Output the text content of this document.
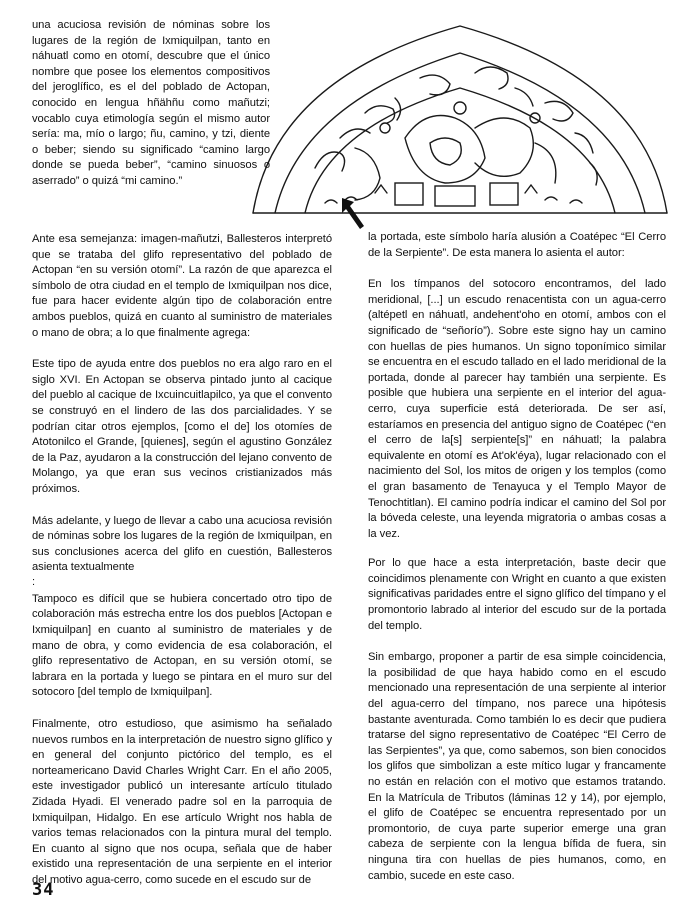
una acuciosa revisión de nóminas sobre los lugares de la región de Ixmiquilpan, tanto en náhuatl como en otomí, descubre que el único nombre que posee los elementos compositivos del jeroglífico, es el del poblado de Actopan, conocido en lengua hñähñu como mañutzi; vocablo cuya etimología según el mismo autor sería: ma, mío o largo; ñu, camino, y tzi, diente o beber; siendo su significado “camino largo donde se pueda beber”, “camino sinuosos o aserrado” o quizá “mi camino.”

Ante esa semejanza: imagen-mañutzi, Ballesteros interpretó que se trataba del glifo representativo del poblado de Actopan “en su versión otomí”. La razón de que aparezca el símbolo de otra ciudad en el templo de Ixmiquilpan nos dice, fue para hacer evidente algún tipo de colaboración entre ambos pueblos, quizá en cuanto al suministro de materiales o mano de obra; a lo que finalmente agrega:

Este tipo de ayuda entre dos pueblos no era algo raro en el siglo XVI. En Actopan se observa pintado junto al cacique del pueblo al cacique de Ixcuincuitlapilco, ya que el convento se construyó en el lindero de las dos parcialidades. Y se podrían citar otros ejemplos, [como el de] los otomíes de Atotonilco el Grande, [quienes], según el agustino González de la Paz, ayudaron a la construcción del lejano convento de Molango, ya que eran sus vecinos cristianizados más próximos.

Más adelante, y luego de llevar a cabo una acuciosa revisión de nóminas sobre los lugares de la región de Ixmiquilpan, en sus conclusiones acerca del glifo en cuestión, Ballesteros asienta textualmente

:

Tampoco es difícil que se hubiera concertado otro tipo de colaboración más estrecha entre los dos pueblos [Actopan e Ixmiquilpan] en cuanto al suministro de materiales y de mano de obra, y como evidencia de esa colaboración, el glifo representativo de Actopan, en su versión otomí, se labrara en la portada y luego se pintara en el muro sur del sotocoro [del templo de Ixmiquilpan].

Finalmente, otro estudioso, que asimismo ha señalado nuevos rumbos en la interpretación de nuestro signo glífico y en general del conjunto pictórico del templo, es el norteamericano David Charles Wright Carr. En el año 2005, este investigador publicó un interesante artículo titulado Zidada Hyadi. El venerado padre sol en la parroquia de Ixmiquilpan, Hidalgo. En ese artículo Wright nos habla de varios temas relacionados con la pintura mural del templo. En cuanto al signo que nos ocupa, señala que de haber existido una representación de una serpiente en el interior del motivo agua-cerro, como sucede en el escudo sur de

la portada, este símbolo haría alusión a Coatépec “El Cerro de la Serpiente”. De esta manera lo asienta el autor:

En los tímpanos del sotocoro encontramos, del lado meridional, [...] un escudo renacentista con un agua-cerro (altépetl en náhuatl, andehent'oho en otomí, ambos con el significado de “señorío”). Sobre este signo hay un camino con huellas de pies humanos. Un signo toponímico similar se encuentra en el escudo tallado en el lado meridional de la portada, donde al parecer hay también una serpiente. Es posible que hubiera una serpiente en el interior del agua-cerro, cuya superficie está deteriorada. De ser así, estaríamos en presencia del antiguo signo de Coatépec (“en el cerro de la[s] serpiente[s]” en náhuatl; la palabra equivalente en otomí es At'ok'éya), lugar relacionado con el nacimiento del Sol, los mitos de origen y los templos (como el gran basamento de Tenayuca y el Templo Mayor de Tenochtitlan). El camino podría indicar el camino del Sol por la bóveda celeste, una leyenda migratoria o ambas cosas a la vez.

Por lo que hace a esta interpretación, baste decir que coincidimos plenamente con Wright en cuanto a que existen significativas paridades entre el signo glífico del tímpano y el promontorio labrado al interior del escudo sur de la portada del templo.

Sin embargo, proponer a partir de esa simple coincidencia, la posibilidad de que haya habido como en el escudo mencionado una representación de una serpiente al interior del agua-cerro del tímpano, nos parece una hipótesis bastante aventurada. Como también lo es decir que pudiera tratarse del signo representativo de Coatépec “El Cerro de las Serpientes”, ya que, como sabemos, son bien conocidos los glifos que simbolizan a este mítico lugar y francamente no están en relación con el motivo que estamos tratando. En la Matrícula de Tributos (láminas 12 y 14), por ejemplo, el glifo de Coatépec se encuentra representado por un promontorio, de cuya parte superior emerge una gran cabeza de serpiente con la lengua bífida de fuera, sin ninguna tira con huellas de pies humanos, como, en cambio, sucede en este caso.

34
